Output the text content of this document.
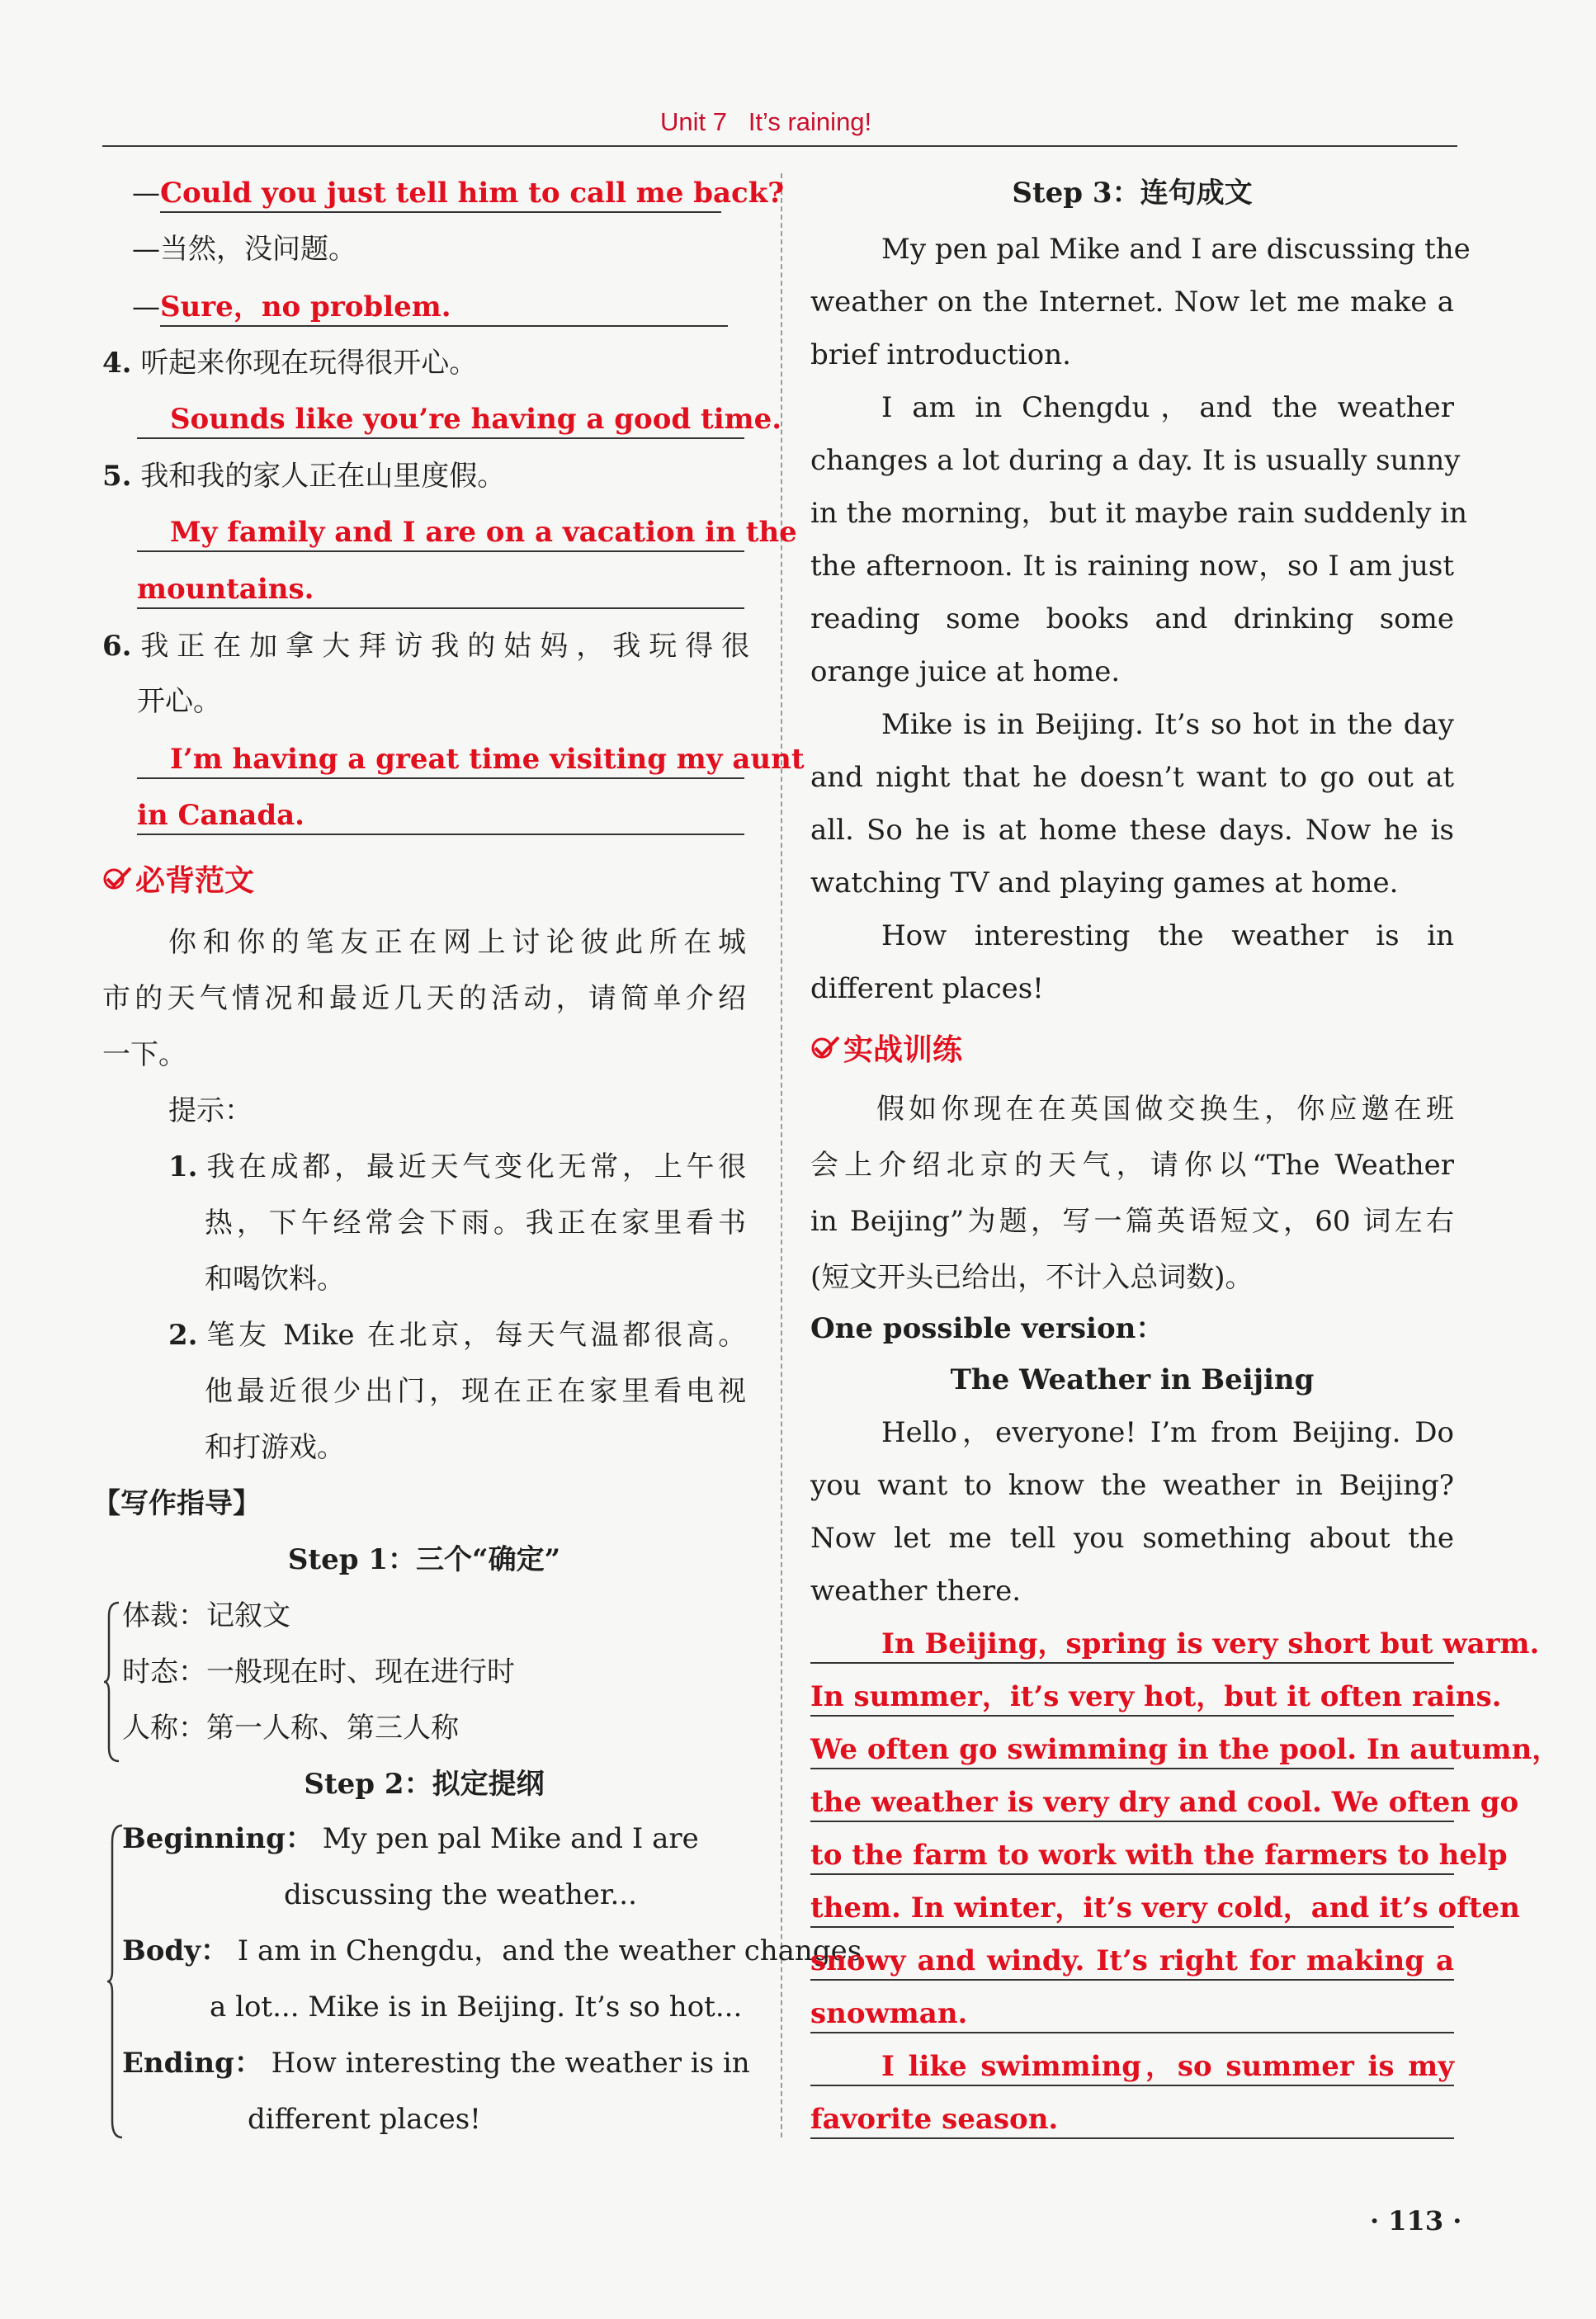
Unit 7   It’s raining!
—Could you just tell him to call me back?
—当然，没问题。
—Sure，no problem.
4. 听起来你现在玩得很开心。
Sounds like you’re having a good time.
5. 我和我的家人正在山里度假。
My family and I are on a vacation in the
mountains.
6. 我正在加拿大拜访我的姑妈，我玩得很
开心。
I’m having a great time visiting my aunt
in Canada.
必背范文
你和你的笔友正在网上讨论彼此所在城
市的天气情况和最近几天的活动，请简单介绍
一下。
提示：
1. 我在成都，最近天气变化无常，上午很
热，下午经常会下雨。我正在家里看书
和喝饮料。
2. 笔友 Mike 在北京，每天气温都很高。
他最近很少出门，现在正在家里看电视
和打游戏。
【写作指导】
Step 1：三个“确定”
体裁：记叙文
时态：一般现在时、现在进行时
人称：第一人称、第三人称
Step 2：拟定提纲
Beginning： My pen pal Mike and I are
discussing the weather...
Body： I am in Chengdu，and the weather changes
a lot... Mike is in Beijing. It’s so hot...
Ending： How interesting the weather is in
different places!
Step 3：连句成文
My pen pal Mike and I are discussing the
weather on the Internet. Now let me make a
brief introduction.
I am in Chengdu，and the weather
changes a lot during a day. It is usually sunny
in the morning，but it maybe rain suddenly in
the afternoon. It is raining now，so I am just
reading some books and drinking some
orange juice at home.
Mike is in Beijing. It’s so hot in the day
and night that he doesn’t want to go out at
all. So he is at home these days. Now he is
watching TV and playing games at home.
How interesting the weather is in
different places!
实战训练
假如你现在在英国做交换生，你应邀在班
会上介绍北京的天气，请你以“The Weather
in Beijing”为题，写一篇英语短文，60 词左右
(短文开头已给出，不计入总词数)。
One possible version：
The Weather in Beijing
Hello，everyone! I’m from Beijing. Do
you want to know the weather in Beijing?
Now let me tell you something about the
weather there.
In Beijing，spring is very short but warm.
In summer，it’s very hot，but it often rains.
We often go swimming in the pool. In autumn，
the weather is very dry and cool. We often go
to the farm to work with the farmers to help
them. In winter，it’s very cold，and it’s often
snowy and windy. It’s right for making a
snowman.
I like swimming，so summer is my
favorite season.
· 113 ·
